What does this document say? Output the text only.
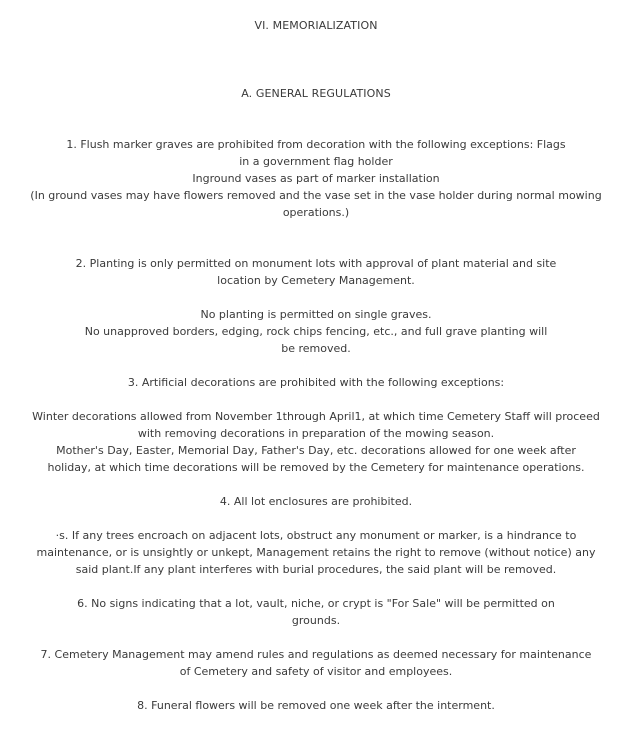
VI. MEMORIALIZATION
A. GENERAL REGULATIONS

1. Flush marker graves are prohibited from decoration with the following exceptions: Flags
in a government flag holder
Inground vases as part of marker installation
(In ground vases may have flowers removed and the vase set in the vase holder during normal mowing
operations.)

2. Planting is only permitted on monument lots with approval of plant material and site
location by Cemetery Management.

No planting is permitted on single graves.
No unapproved borders, edging, rock chips fencing, etc., and full grave planting will
be removed.

3. Artificial decorations are prohibited with the following exceptions:

Winter decorations allowed from November 1through April1, at which time Cemetery Staff will proceed
with removing decorations in preparation of the mowing season.
Mother's Day, Easter, Memorial Day, Father's Day, etc. decorations allowed for one week after
holiday, at which time decorations will be removed by the Cemetery for maintenance operations.

4. All lot enclosures are prohibited.

·s. If any trees encroach on adjacent lots, obstruct any monument or marker, is a hindrance to
maintenance, or is unsightly or unkept, Management retains the right to remove (without notice) any
said plant.If any plant interferes with burial procedures, the said plant will be removed.

6. No signs indicating that a lot, vault, niche, or crypt is "For Sale" will be permitted on
grounds.

7. Cemetery Management may amend rules and regulations as deemed necessary for maintenance
of Cemetery and safety of visitor and employees.

8. Funeral flowers will be removed one week after the interment.
